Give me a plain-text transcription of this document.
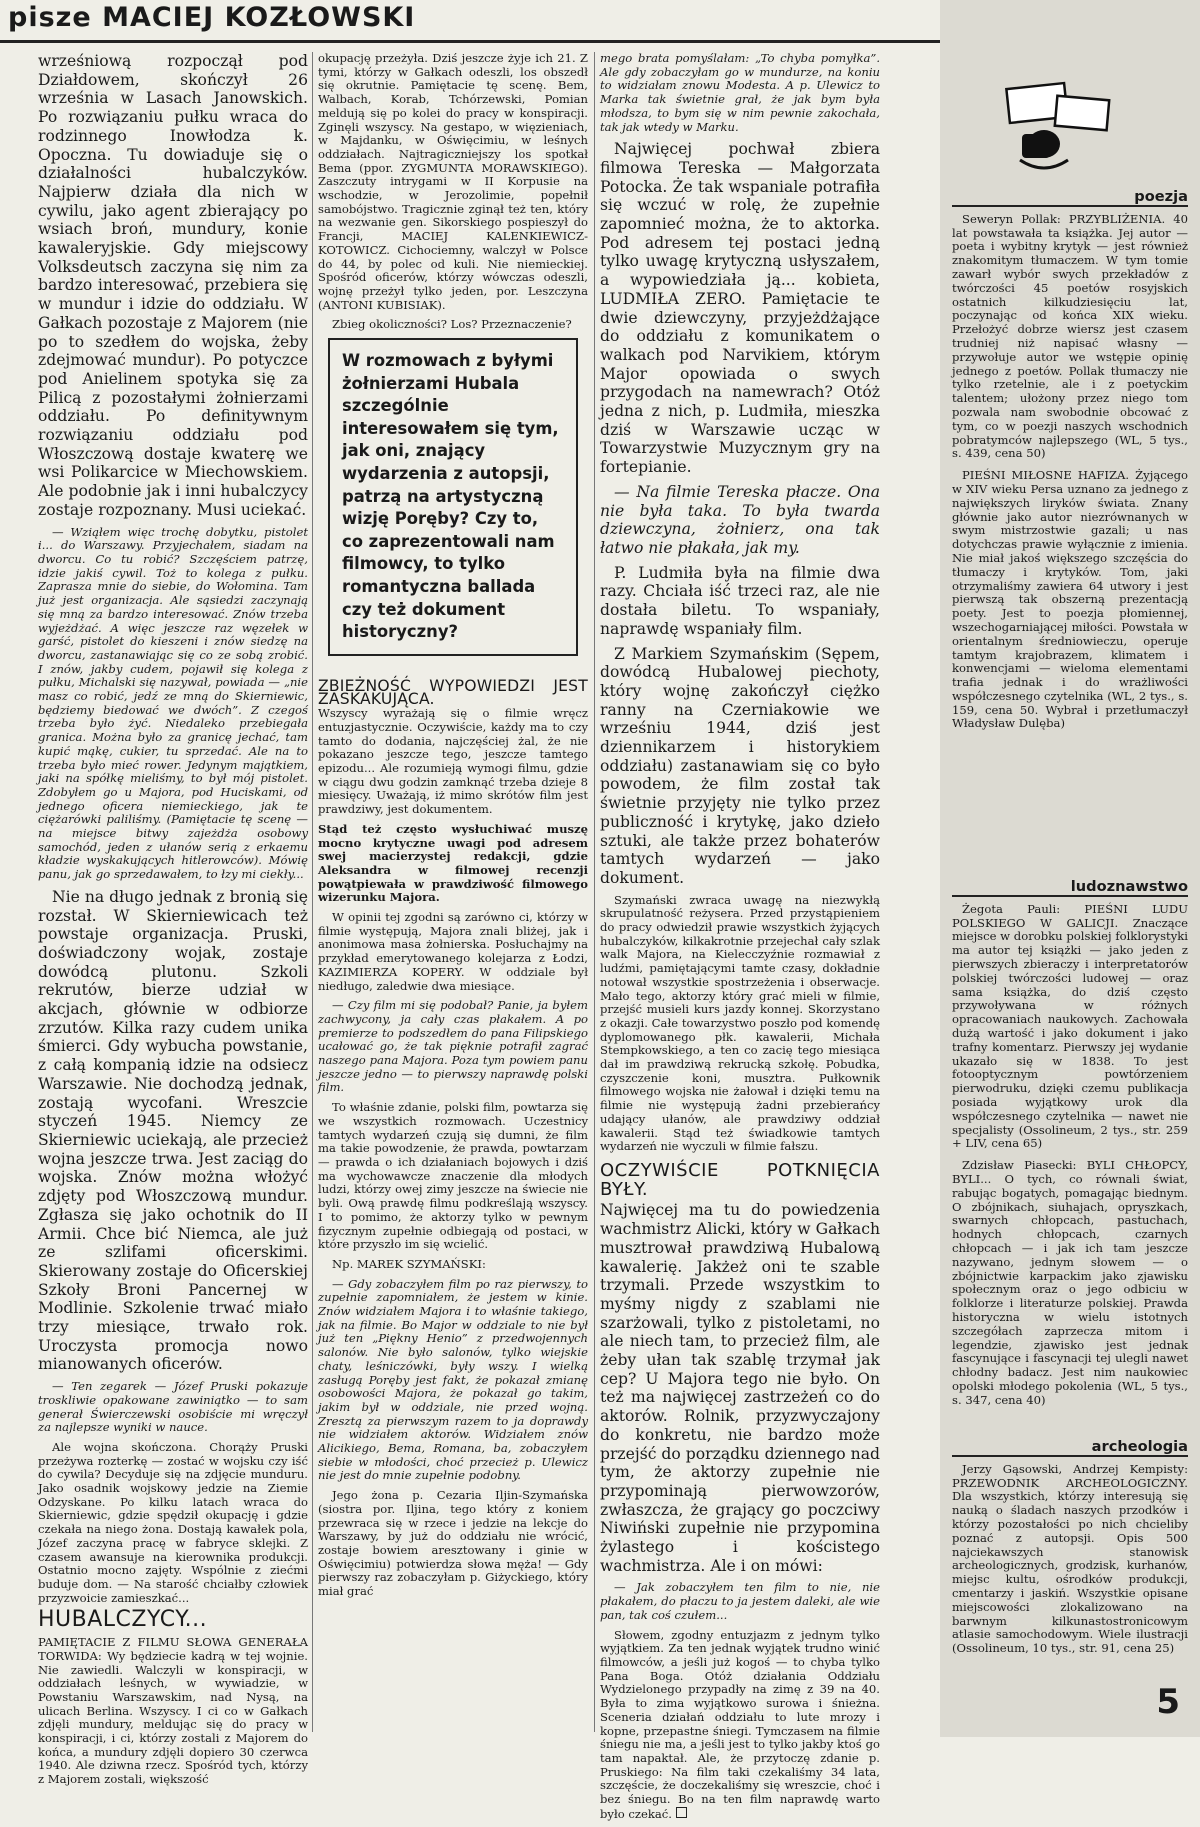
pisze MACIEJ KOZŁOWSKI

wrześniową rozpoczął pod Działdowem, skończył 26 września w Lasach Janowskich. Po rozwiązaniu pułku wraca do rodzinnego Inowłodza k. Opoczna. Tu dowiaduje się o działalności hubalczyków. Najpierw działa dla nich w cywilu, jako agent zbierający po wsiach broń, mundury, konie kawaleryjskie. Gdy miejscowy Volksdeutsch zaczyna się nim za bardzo interesować, przebiera się w mundur i idzie do oddziału. W Gałkach pozostaje z Majorem (nie po to szedłem do wojska, żeby zdejmować mundur). Po potyczce pod Anielinem spotyka się za Pilicą z pozostałymi żołnierzami oddziału. Po definitywnym rozwiązaniu oddziału pod Włoszczową dostaje kwaterę we wsi Polikarcice w Miechowskiem. Ale podobnie jak i inni hubalczycy zostaje rozpoznany. Musi uciekać.

— Wziąłem więc trochę dobytku, pistolet i... do Warszawy. Przyjechałem, siadam na dworcu. Co tu robić? Szczęściem patrzę, idzie jakiś cywil. Toż to kolega z pułku. Zaprasza mnie do siebie, do Wołomina. Tam już jest organizacja. Ale sąsiedzi zaczynają się mną za bardzo interesować. Znów trzeba wyjeżdżać. A więc jeszcze raz węzełek w garść, pistolet do kieszeni i znów siedzę na dworcu, zastanawiając się co ze sobą zrobić. I znów, jakby cudem, pojawił się kolega z pułku, Michalski się nazywał, powiada — „nie masz co robić, jedź ze mną do Skierniewic, będziemy biedować we dwóch”. Z czegoś trzeba było żyć. Niedaleko przebiegała granica. Można było za granicę jechać, tam kupić mąkę, cukier, tu sprzedać. Ale na to trzeba było mieć rower. Jedynym majątkiem, jaki na spółkę mieliśmy, to był mój pistolet. Zdobyłem go u Majora, pod Huciskami, od jednego oficera niemieckiego, jak te ciężarówki paliliśmy. (Pamiętacie tę scenę — na miejsce bitwy zajeżdża osobowy samochód, jeden z ułanów serią z erkaemu kładzie wyskakujących hitlerowców). Mówię panu, jak go sprzedawałem, to łzy mi ciekły...

Nie na długo jednak z bronią się rozstał. W Skierniewicach też powstaje organizacja. Pruski, doświadczony wojak, zostaje dowódcą plutonu. Szkoli rekrutów, bierze udział w akcjach, głównie w odbiorze zrzutów. Kilka razy cudem unika śmierci. Gdy wybucha powstanie, z całą kompanią idzie na odsiecz Warszawie. Nie dochodzą jednak, zostają wycofani. Wreszcie styczeń 1945. Niemcy ze Skierniewic uciekają, ale przecież wojna jeszcze trwa. Jest zaciąg do wojska. Znów można włożyć zdjęty pod Włoszczową mundur. Zgłasza się jako ochotnik do II Armii. Chce bić Niemca, ale już ze szlifami oficerskimi. Skierowany zostaje do Oficerskiej Szkoły Broni Pancernej w Modlinie. Szkolenie trwać miało trzy miesiące, trwało rok. Uroczysta promocja nowo mianowanych oficerów.

— Ten zegarek — Józef Pruski pokazuje troskliwie opakowane zawiniątko — to sam generał Świerczewski osobiście mi wręczył za najlepsze wyniki w nauce.

Ale wojna skończona. Chorąży Pruski przeżywa rozterkę — zostać w wojsku czy iść do cywila? Decyduje się na zdjęcie munduru. Jako osadnik wojskowy jedzie na Ziemie Odzyskane. Po kilku latach wraca do Skierniewic, gdzie spędził okupację i gdzie czekała na niego żona. Dostają kawałek pola, Józef zaczyna pracę w fabryce sklejki. Z czasem awansuje na kierownika produkcji. Ostatnio mocno zajęty. Wspólnie z ziećmi buduje dom. — Na starość chciałby człowiek przyzwoicie zamieszkać...

HUBALCZYCY...

PAMIĘTACIE Z FILMU SŁOWA GENERAŁA TORWIDA: Wy będziecie kadrą w tej wojnie. Nie zawiedli. Walczyli w konspiracji, w oddziałach leśnych, w wywiadzie, w Powstaniu Warszawskim, nad Nysą, na ulicach Berlina. Wszyscy. I ci co w Gałkach zdjęli mundury, meldując się do pracy w konspiracji, i ci, którzy zostali z Majorem do końca, a mundury zdjęli dopiero 30 czerwca 1940. Ale dziwna rzecz. Spośród tych, którzy z Majorem zostali, większość

okupację przeżyła. Dziś jeszcze żyje ich 21. Z tymi, którzy w Gałkach odeszli, los obszedł się okrutnie. Pamiętacie tę scenę. Bem, Walbach, Korab, Tchórzewski, Pomian meldują się po kolei do pracy w konspiracji. Zginęli wszyscy. Na gestapo, w więzieniach, w Majdanku, w Oświęcimiu, w leśnych oddziałach. Najtragiczniejszy los spotkał Bema (ppor. ZYGMUNTA MORAWSKIEGO). Zaszczuty intrygami w II Korpusie na wschodzie, w Jerozolimie, popełnił samobójstwo. Tragicznie zginął też ten, który na wezwanie gen. Sikorskiego pospieszył do Francji, MACIEJ KALENKIEWICZ-KOTOWICZ. Cichociemny, walczył w Polsce do 44, by polec od kuli. Nie niemieckiej. Spośród oficerów, którzy wówczas odeszli, wojnę przeżył tylko jeden, por. Leszczyna (ANTONI KUBISIAK).

Zbieg okoliczności? Los? Przeznaczenie?

W rozmowach z byłymi żołnierzami Hubala szczególnie interesowałem się tym, jak oni, znający wydarzenia z autopsji, patrzą na artystyczną wizję Poręby? Czy to, co zaprezentowali nam filmowcy, to tylko romantyczna ballada czy też dokument historyczny?

ZBIEŻNOŚĆ WYPOWIEDZI JEST ZASKAKUJĄCA.

Wszyscy wyrażają się o filmie wręcz entuzjastycznie. Oczywiście, każdy ma to czy tamto do dodania, najczęściej żal, że nie pokazano jeszcze tego, jeszcze tamtego epizodu... Ale rozumieją wymogi filmu, gdzie w ciągu dwu godzin zamknąć trzeba dzieje 8 miesięcy. Uważają, iż mimo skrótów film jest prawdziwy, jest dokumentem.

Stąd też często wysłuchiwać muszę mocno krytyczne uwagi pod adresem swej macierzystej redakcji, gdzie Aleksandra w filmowej recenzji powątpiewała w prawdziwość filmowego wizerunku Majora.

W opinii tej zgodni są zarówno ci, którzy w filmie występują, Majora znali bliżej, jak i anonimowa masa żołnierska. Posłuchajmy na przykład emerytowanego kolejarza z Łodzi, KAZIMIERZA KOPERY. W oddziale był niedługo, zaledwie dwa miesiące.

— Czy film mi się podobał? Panie, ja byłem zachwycony, ja cały czas płakałem. A po premierze to podszedłem do pana Filipskiego ucałować go, że tak pięknie potrafił zagrać naszego pana Majora. Poza tym powiem panu jeszcze jedno — to pierwszy naprawdę polski film.

To właśnie zdanie, polski film, powtarza się we wszystkich rozmowach. Uczestnicy tamtych wydarzeń czują się dumni, że film ma takie powodzenie, że prawda, powtarzam — prawda o ich działaniach bojowych i dziś ma wychowawcze znaczenie dla młodych ludzi, którzy owej zimy jeszcze na świecie nie byli. Ową prawdę filmu podkreślają wszyscy. I to pomimo, że aktorzy tylko w pewnym fizycznym zupełnie odbiegają od postaci, w które przyszło im się wcielić.

Np. MAREK SZYMAŃSKI:

— Gdy zobaczyłem film po raz pierwszy, to zupełnie zapomniałem, że jestem w kinie. Znów widziałem Majora i to właśnie takiego, jak na filmie. Bo Major w oddziale to nie był już ten „Piękny Henio” z przedwojennych salonów. Nie było salonów, tylko wiejskie chaty, leśniczówki, były wszy. I wielką zasługą Poręby jest fakt, że pokazał zmianę osobowości Majora, że pokazał go takim, jakim był w oddziale, nie przed wojną. Zresztą za pierwszym razem to ja doprawdy nie widziałem aktorów. Widziałem znów Alicikiego, Bema, Romana, ba, zobaczyłem siebie w młodości, choć przecież p. Ulewicz nie jest do mnie zupełnie podobny.

Jego żona p. Cezaria Iljin-Szymańska (siostra por. Iljina, tego który z koniem przewraca się w rzece i jedzie na lekcje do Warszawy, by już do oddziału nie wrócić, zostaje bowiem aresztowany i ginie w Oświęcimiu) potwierdza słowa męża! — Gdy pierwszy raz zobaczyłam p. Giżyckiego, który miał grać

mego brata pomyślałam: „To chyba pomyłka”. Ale gdy zobaczyłam go w mundurze, na koniu to widziałam znowu Modesta. A p. Ulewicz to Marka tak świetnie grał, że jak bym była młodsza, to bym się w nim pewnie zakochała, tak jak wtedy w Marku.

Najwięcej pochwał zbiera filmowa Tereska — Małgorzata Potocka. Że tak wspaniale potrafiła się wczuć w rolę, że zupełnie zapomnieć można, że to aktorka. Pod adresem tej postaci jedną tylko uwagę krytyczną usłyszałem, a wypowiedziała ją... kobieta, LUDMIŁA ZERO. Pamiętacie te dwie dziewczyny, przyjeżdżające do oddziału z komunikatem o walkach pod Narvikiem, którym Major opowiada o swych przygodach na namewrach? Otóż jedna z nich, p. Ludmiła, mieszka dziś w Warszawie ucząc w Towarzystwie Muzycznym gry na fortepianie.

— Na filmie Tereska płacze. Ona nie była taka. To była twarda dziewczyna, żołnierz, ona tak łatwo nie płakała, jak my.

P. Ludmiła była na filmie dwa razy. Chciała iść trzeci raz, ale nie dostała biletu. To wspaniały, naprawdę wspaniały film.

Z Markiem Szymańskim (Sępem, dowódcą Hubalowej piechoty, który wojnę zakończył ciężko ranny na Czerniakowie we wrześniu 1944, dziś jest dziennikarzem i historykiem oddziału) zastanawiam się co było powodem, że film został tak świetnie przyjęty nie tylko przez publiczność i krytykę, jako dzieło sztuki, ale także przez bohaterów tamtych wydarzeń — jako dokument.

Szymański zwraca uwagę na niezwykłą skrupulatność reżysera. Przed przystąpieniem do pracy odwiedził prawie wszystkich żyjących hubalczyków, kilkakrotnie przejechał cały szlak walk Majora, na Kielecczyźnie rozmawiał z ludźmi, pamiętającymi tamte czasy, dokładnie notował wszystkie spostrzeżenia i obserwacje. Mało tego, aktorzy który grać mieli w filmie, przejść musieli kurs jazdy konnej. Skorzystano z okazji. Całe towarzystwo poszło pod komendę dyplomowanego płk. kawalerii, Michała Stempkowskiego, a ten co zacię tego miesiąca dał im prawdziwą rekrucką szkołę. Pobudka, czyszczenie koni, musztra. Pułkownik filmowego wojska nie żałował i dzięki temu na filmie nie występują żadni przebierańcy udający ułanów, ale prawdziwy oddział kawalerii. Stąd też świadkowie tamtych wydarzeń nie wyczuli w filmie fałszu.

OCZYWIŚCIE POTKNIĘCIA BYŁY.

Najwięcej ma tu do powiedzenia wachmistrz Alicki, który w Gałkach musztrował prawdziwą Hubalową kawalerię. Jakżeż oni te szable trzymali. Przede wszystkim to myśmy nigdy z szablami nie szarżowali, tylko z pistoletami, no ale niech tam, to przecież film, ale żeby ułan tak szablę trzymał jak cep? U Majora tego nie było. On też ma najwięcej zastrzeżeń co do aktorów. Rolnik, przyzwyczajony do konkretu, nie bardzo może przejść do porządku dziennego nad tym, że aktorzy zupełnie nie przypominają pierwowzorów, zwłaszcza, że grający go poczciwy Niwiński zupełnie nie przypomina żylastego i kościstego wachmistrza. Ale i on mówi:

— Jak zobaczyłem ten film to nie, nie płakałem, do płaczu to ja jestem daleki, ale wie pan, tak coś czułem...

Słowem, zgodny entuzjazm z jednym tylko wyjątkiem. Za ten jednak wyjątek trudno winić filmowców, a jeśli już kogoś — to chyba tylko Pana Boga. Otóż działania Oddziału Wydzielonego przypadły na zimę z 39 na 40. Była to zima wyjątkowo surowa i śnieżna. Sceneria działań oddziału to lute mrozy i kopne, przepastne śniegi. Tymczasem na filmie śniegu nie ma, a jeśli jest to tylko jakby ktoś go tam napaktał. Ale, że przytoczę zdanie p. Pruskiego: Na film taki czekaliśmy 34 lata, szczęście, że doczekaliśmy się wreszcie, choć i bez śniegu. Bo na ten film naprawdę warto było czekać.

poezja

Seweryn Pollak: PRZYBLIŻENIA. 40 lat powstawała ta książka. Jej autor — poeta i wybitny krytyk — jest również znakomitym tłumaczem. W tym tomie zawarł wybór swych przekładów z twórczości 45 poetów rosyjskich ostatnich kilkudziesięciu lat, poczynając od końca XIX wieku. Przełożyć dobrze wiersz jest czasem trudniej niż napisać własny — przywołuje autor we wstępie opinię jednego z poetów. Pollak tłumaczy nie tylko rzetelnie, ale i z poetyckim talentem; ułożony przez niego tom pozwala nam swobodnie obcować z tym, co w poezji naszych wschodnich pobratymców najlepszego (WL, 5 tys., s. 439, cena 50)

PIEŚNI MIŁOSNE HAFIZA. Żyjącego w XIV wieku Persa uznano za jednego z największych liryków świata. Znany głównie jako autor niezrównanych w swym mistrzostwie gazali; u nas dotychczas prawie wyłącznie z imienia. Nie miał jakoś większego szczęścia do tłumaczy i krytyków. Tom, jaki otrzymaliśmy zawiera 64 utwory i jest pierwszą tak obszerną prezentacją poety. Jest to poezja płomiennej, wszechogarniającej miłości. Powstała w orientalnym średniowieczu, operuje tamtym krajobrazem, klimatem i konwencjami — wieloma elementami trafia jednak i do wrażliwości współczesnego czytelnika (WL, 2 tys., s. 159, cena 50. Wybrał i przetłumaczył Władysław Dulęba)

ludoznawstwo

Żegota Pauli: PIEŚNI LUDU POLSKIEGO W GALICJI. Znaczące miejsce w dorobku polskiej folklorystyki ma autor tej książki — jako jeden z pierwszych zbieraczy i interpretatorów polskiej twórczości ludowej — oraz sama książka, do dziś często przywoływana w różnych opracowaniach naukowych. Zachowała dużą wartość i jako dokument i jako trafny komentarz. Pierwszy jej wydanie ukazało się w 1838. To jest fotooptycznym powtórzeniem pierwodruku, dzięki czemu publikacja posiada wyjątkowy urok dla współczesnego czytelnika — nawet nie specjalisty (Ossolineum, 2 tys., str. 259 + LIV, cena 65)

Zdzisław Piasecki: BYLI CHŁOPCY, BYLI... O tych, co równali świat, rabując bogatych, pomagając biednym. O zbójnikach, siuhajach, opryszkach, swarnych chłopcach, pastuchach, hodnych chłopcach, czarnych chłopcach — i jak ich tam jeszcze nazywano, jednym słowem — o zbójnictwie karpackim jako zjawisku społecznym oraz o jego odbiciu w folklorze i literaturze polskiej. Prawda historyczna w wielu istotnych szczegółach zaprzecza mitom i legendzie, zjawisko jest jednak fascynujące i fascynacji tej ulegli nawet chłodny badacz. Jest nim naukowiec opolski młodego pokolenia (WL, 5 tys., s. 347, cena 40)

archeologia

Jerzy Gąsowski, Andrzej Kempisty: PRZEWODNIK ARCHEOLOGICZNY. Dla wszystkich, którzy interesują się nauką o śladach naszych przodków i którzy pozostałości po nich chcieliby poznać z autopsji. Opis 500 najciekawszych stanowisk archeologicznych, grodzisk, kurhanów, miejsc kultu, ośrodków produkcji, cmentarzy i jaskiń. Wszystkie opisane miejscowości zlokalizowano na barwnym kilkunastostronicowym atlasie samochodowym. Wiele ilustracji (Ossolineum, 10 tys., str. 91, cena 25)

5
